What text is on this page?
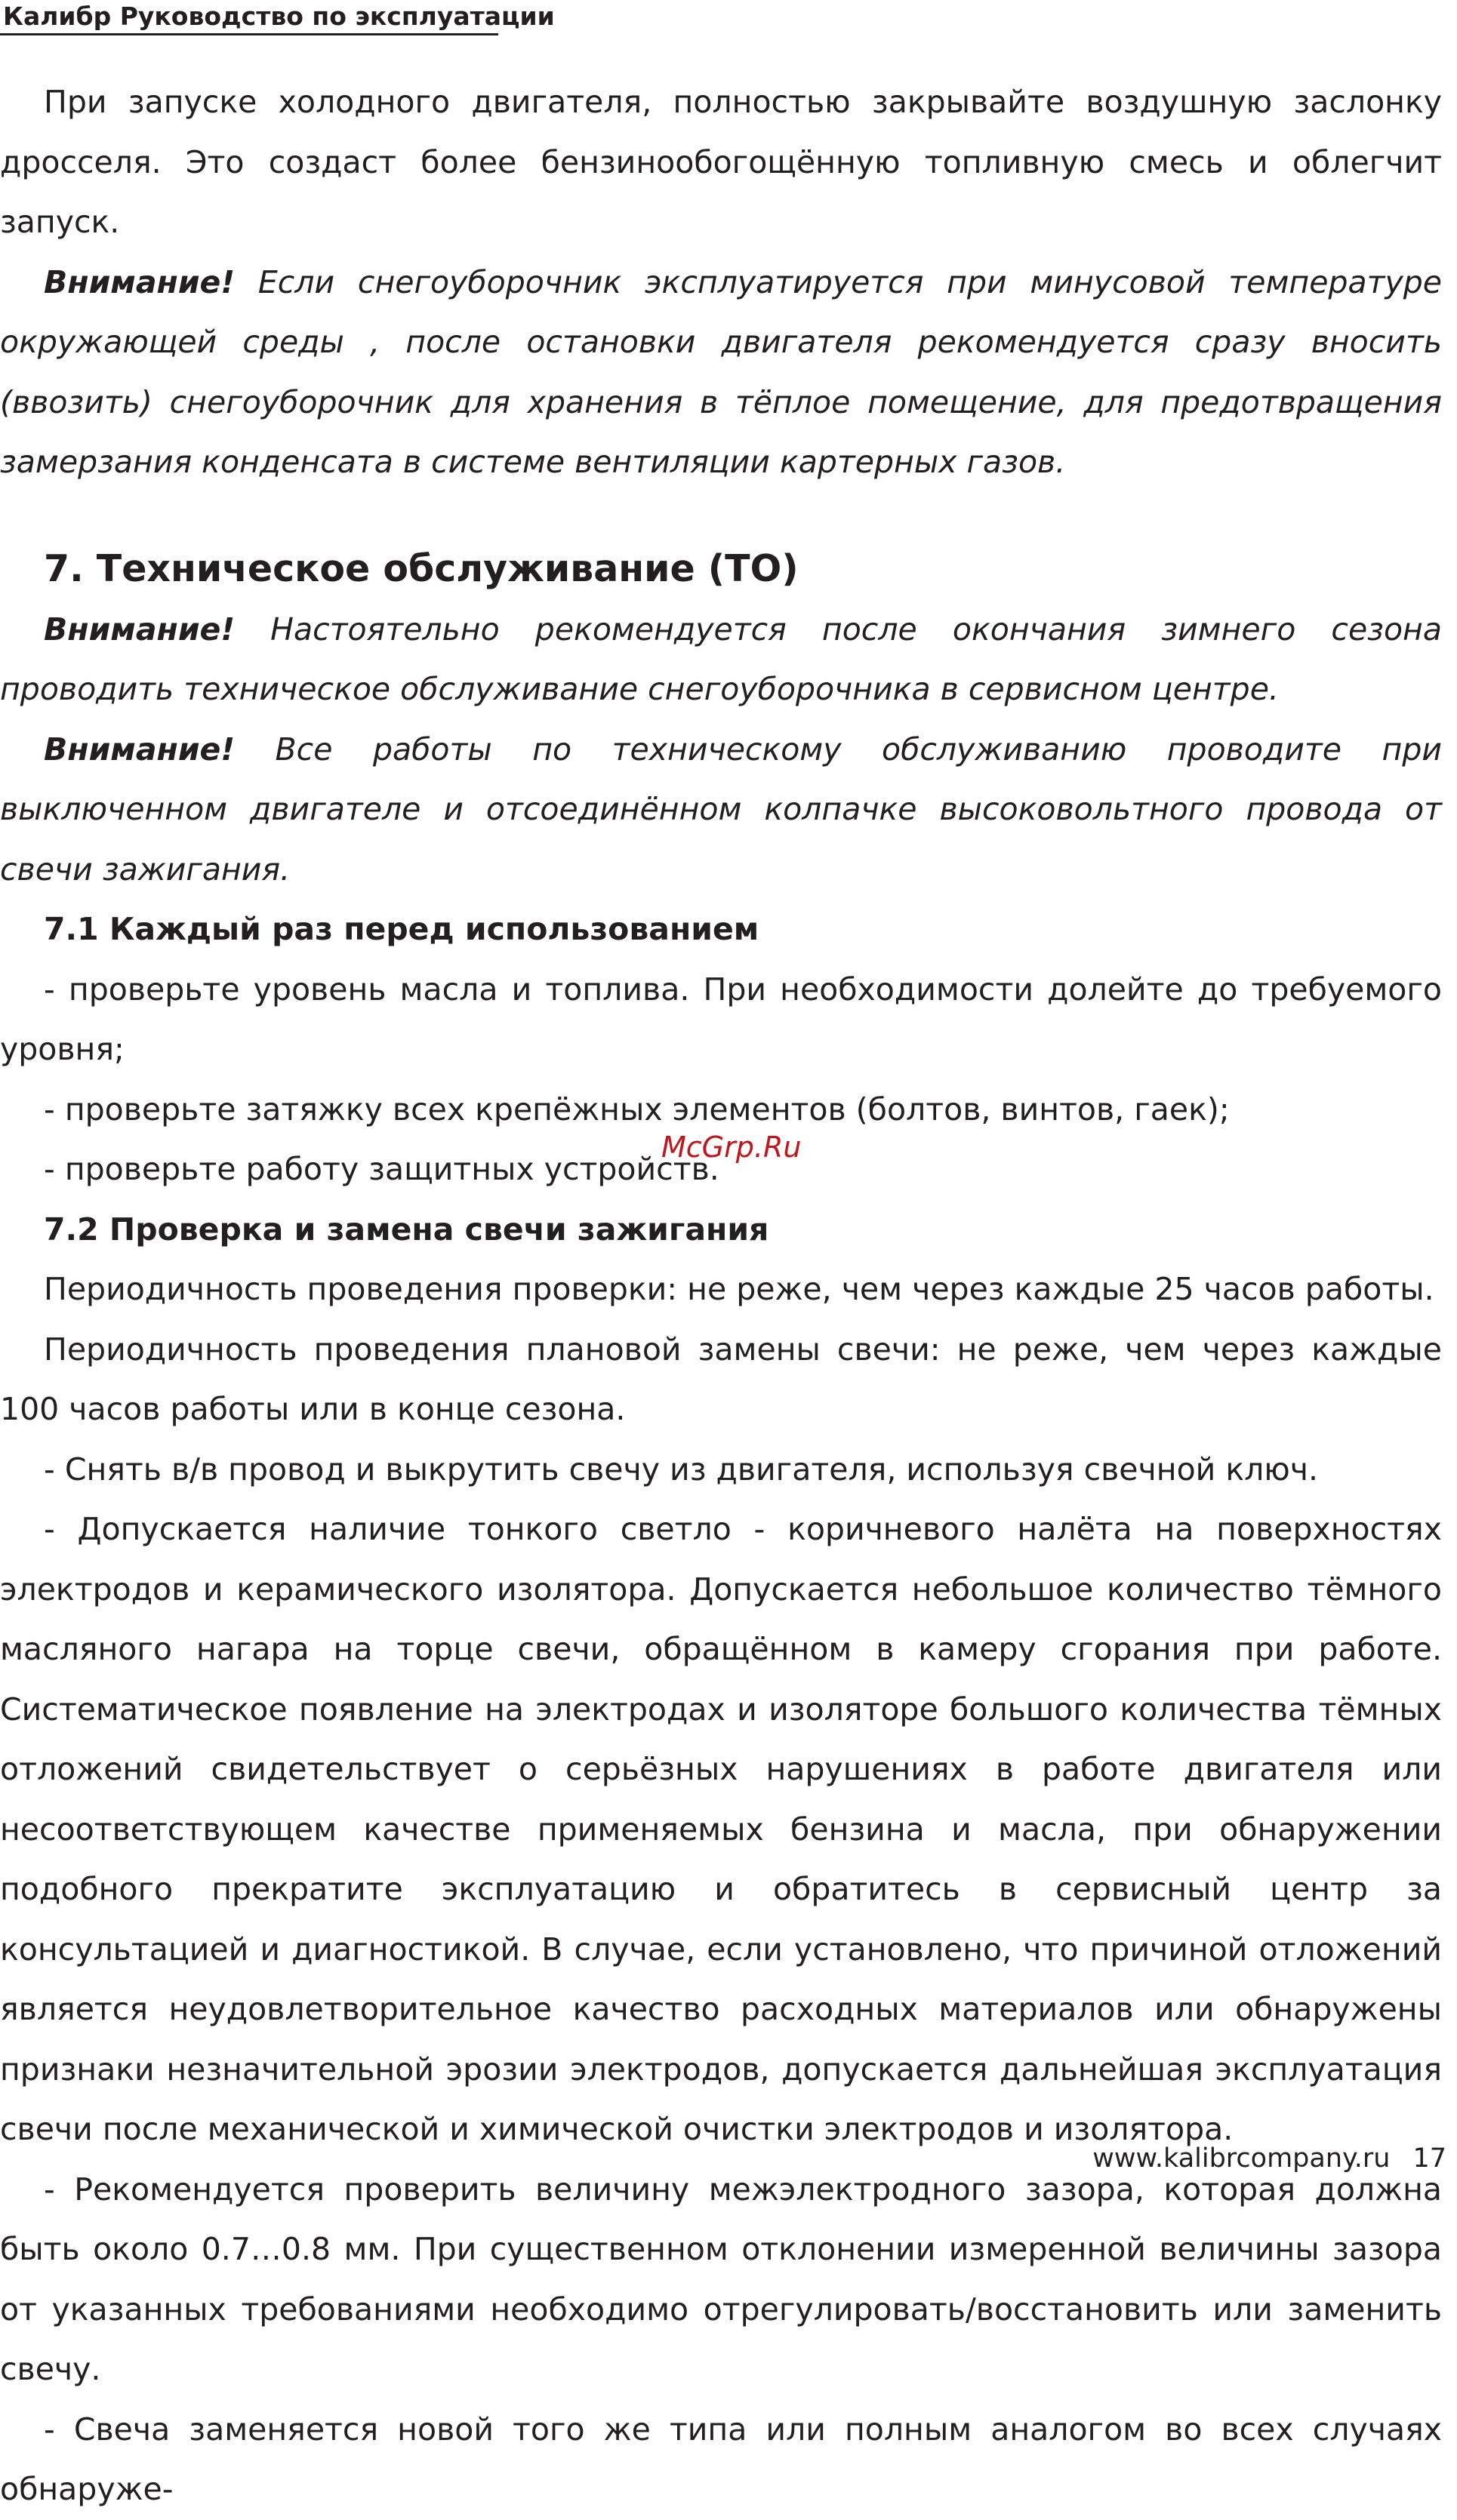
Калибр Руководство по эксплуатации

При запуске холодного двигателя, полностью закрывайте воздушную заслонку дросселя. Это создаст более бензинообогощённую топливную смесь и облегчит запуск.

Внимание! Если снегоуборочник эксплуатируется при минусовой температуре окружающей среды , после остановки двигателя рекомендуется сразу вносить (ввозить) снегоуборочник для хранения в тёплое помещение, для предотвращения замерзания конденсата в системе вентиляции картерных газов.

7. Техническое обслуживание (ТО)

Внимание! Настоятельно рекомендуется после окончания зимнего сезона проводить техническое обслуживание снегоуборочника в сервисном центре.

Внимание! Все работы по техническому обслуживанию проводите при выключенном двигателе и отсоединённом колпачке высоковольтного провода от свечи зажигания.

7.1 Каждый раз перед использованием

- проверьте уровень масла и топлива. При необходимости долейте до требуемого уровня;

- проверьте затяжку всех крепёжных элементов (болтов, винтов, гаек);

- проверьте работу защитных устройств.

7.2 Проверка и замена свечи зажигания

Периодичность проведения проверки: не реже, чем через каждые 25 часов работы.

Периодичность проведения плановой замены свечи: не реже, чем через каждые 100 часов работы или в конце сезона.

- Снять в/в провод и выкрутить свечу из двигателя, используя свечной ключ.

- Допускается наличие тонкого светло - коричневого налёта на поверхностях электродов и керамического изолятора. Допускается небольшое количество тёмного масляного нагара на торце свечи, обращённом в камеру сгорания при работе. Систематическое появление на электродах и изоляторе большого количества тёмных отложений свидетельствует о серьёзных нарушениях в работе двигателя или несоответствующем качестве применяемых бензина и масла, при обнаружении подобного прекратите эксплуатацию и обратитесь в сервисный центр за консультацией и диагностикой. В случае, если установлено, что причиной отложений является неудовлетворительное качество расходных материалов или обнаружены признаки незначительной эрозии электродов, допускается дальнейшая эксплуатация свечи после механической и химической очистки электродов и изолятора.

- Рекомендуется проверить величину межэлектродного зазора, которая должна быть около 0.7…0.8 мм. При существенном отклонении измеренной величины зазора от указанных требованиями необходимо отрегулировать/восстановить или заменить свечу.

- Свеча заменяется новой того же типа или полным аналогом во всех случаях обнаруже-

McGrp.Ru
www.kalibrcompany.ru 17
